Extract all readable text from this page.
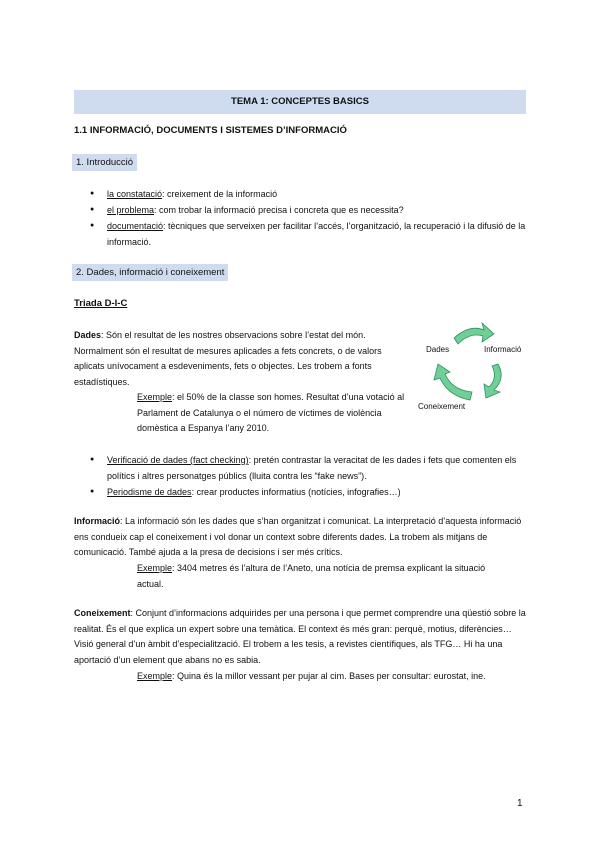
TEMA 1: CONCEPTES BASICS
1.1 INFORMACIÓ, DOCUMENTS I SISTEMES D’INFORMACIÓ
1. Introducció
● la constatació: creixement de la informació
● el problema: com trobar la informació precisa i concreta que es necessita?
● documentació: tècniques que serveixen per facilitar l’accés, l’organització, la recuperació i la difusió de la informació.
2. Dades, informació i coneixement
Triada D-I-C

Dades: Són el resultat de les nostres observacions sobre l’estat del món. Normalment són el resultat de mesures aplicades a fets concrets, o de valors aplicats unívocament a esdeveniments, fets o objectes. Les trobem a fonts estadístiques.

Exemple: el 50% de la classe son homes. Resultat d’una votació al Parlament de Catalunya o el número de víctimes de violència domèstica a Espanya l’any 2010.

Dades	Informació
Coneixement
● Verificació de dades (fact checking): pretén contrastar la veracitat de les dades i fets que comenten els polítics i altres personatges públics (lluita contra les “fake news”).
● Periodisme de dades: crear productes informatius (notícies, infografies…)

Informació: La informació són les dades que s’han organitzat i comunicat. La interpretació d’aquesta informació ens condueix cap el coneixement i vol donar un context sobre diferents dades. La trobem als mitjans de comunicació. També ajuda a la presa de decisions i ser més crítics.

Exemple: 3404 metres és l’altura de l’Aneto, una notícia de premsa explicant la situació actual.

Coneixement: Conjunt d’informacions adquirides per una persona i que permet comprendre una qüestió sobre la realitat. És el que explica un expert sobre una temàtica. El context és més gran: perquè, motius, diferències… Visió general d’un àmbit d’especialització. El trobem a les tesis, a revistes científiques, als TFG… Hi ha una aportació d’un element que abans no es sabia.

Exemple: Quina és la millor vessant per pujar al cim. Bases per consultar: eurostat, ine.

1
